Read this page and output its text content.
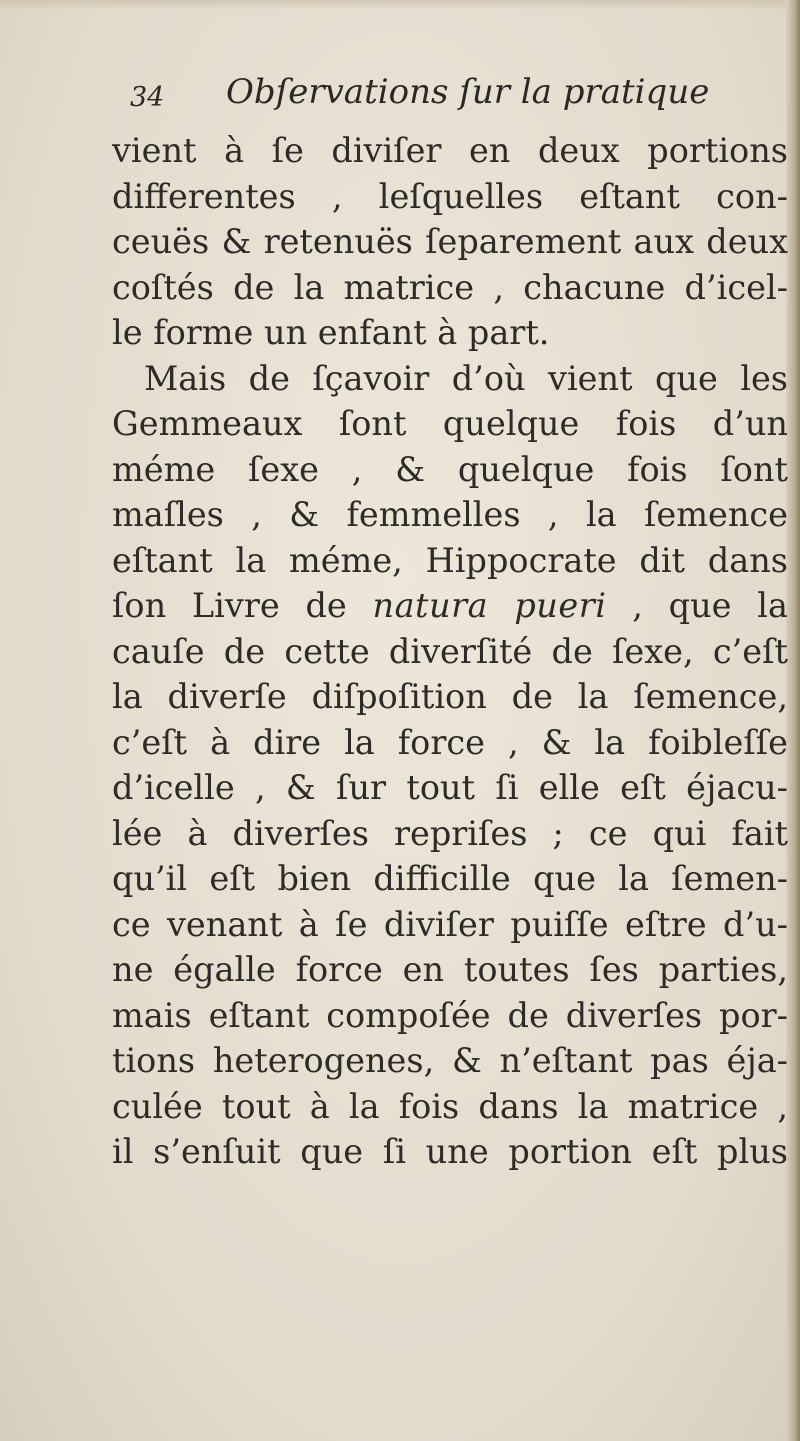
34 Obſervations ſur la pratique
vient à ſe diviſer en deux portions
differentes , leſquelles eſtant con-
ceuës & retenuës ſeparement aux deux
coſtés de la matrice , chacune d’icel-
le forme un enfant à part.
Mais de ſçavoir d’où vient que les
Gemmeaux ſont quelque fois d’un
méme ſexe , & quelque fois ſont
maſles , & femmelles , la ſemence
eſtant la méme, Hippocrate dit dans
ſon Livre de natura pueri , que la
cauſe de cette diverſité de ſexe, c’eſt
la diverſe diſpoſition de la ſemence,
c’eſt à dire la force , & la foibleſſe
d’icelle , & ſur tout ſi elle eſt éjacu-
lée à diverſes repriſes ; ce qui fait
qu’il eſt bien difficille que la ſemen-
ce venant à ſe diviſer puiſſe eſtre d’u-
ne égalle force en toutes ſes parties,
mais eſtant compoſée de diverſes por-
tions heterogenes, & n’eſtant pas éja-
culée tout à la fois dans la matrice ,
il s’enſuit que ſi une portion eſt plus
